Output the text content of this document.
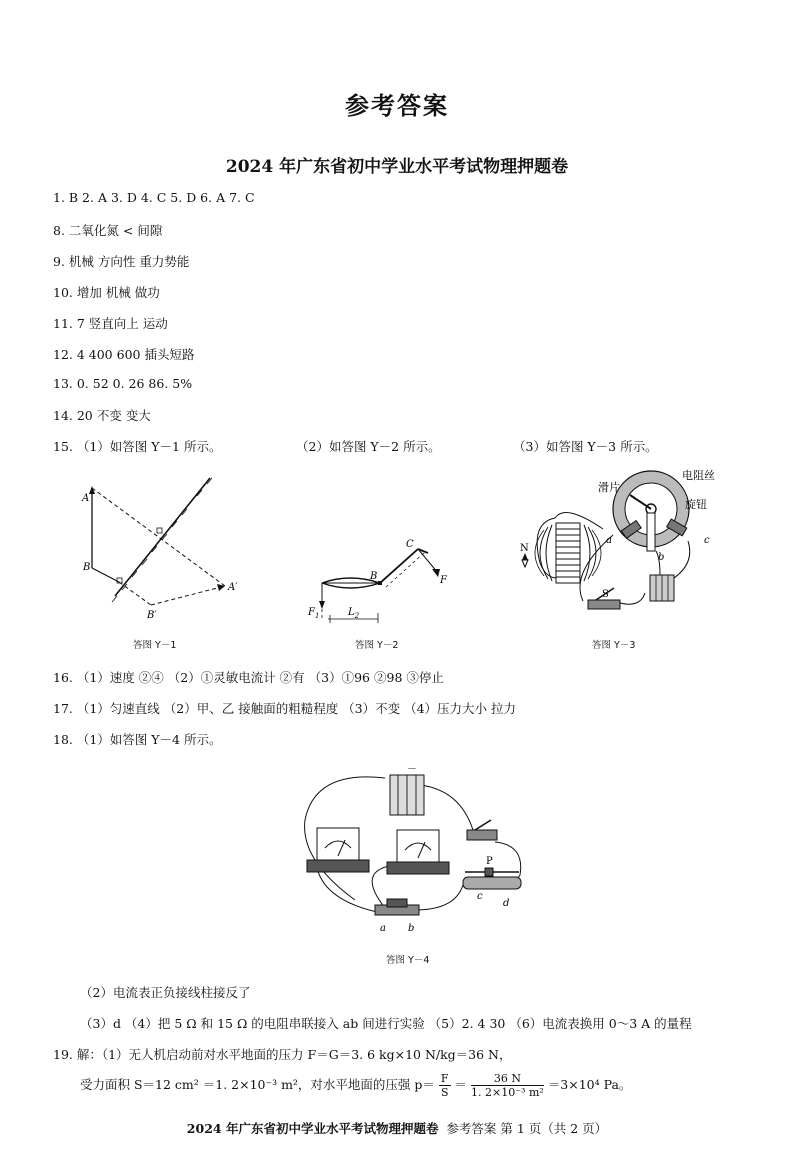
参考答案
2024 年广东省初中学业水平考试物理押题卷
1. B 2. A 3. D 4. C 5. D 6. A 7. C
8. 二氧化氮 < 间隙
9. 机械 方向性 重力势能
10. 增加 机械 做功
11. 7 竖直向上 运动
12. 4 400 600 插头短路
13. 0. 52 0. 26 86. 5%
14. 20 不变 变大
15. （1）如答图 Y－1 所示。	（2）如答图 Y－2 所示。	（3）如答图 Y－3 所示。
A
B
A′
B′
答图 Y－1
C
B	F
$F_1$	$L_2$
答图 Y－2
滑片
电阻丝
旋钮
a
b
c
S
N
答图 Y－3
16. （1）速度 ②④ （2）①灵敏电流计 ②有 （3）①96 ②98 ③停止
17. （1）匀速直线 （2）甲、乙 接触面的粗糙程度 （3）不变 （4）压力大小 拉力
18. （1）如答图 Y－4 所示。
P
a b
c
d
－
答图 Y－4
（2）电流表正负接线柱接反了
（3）d （4）把 5 Ω 和 15 Ω 的电阻串联接入 ab 间进行实验 （5）2. 4 30 （6）电流表换用 0～3 A 的量程
19. 解：（1）无人机启动前对水平地面的压力 F＝G＝3. 6 kg×10 N/kg＝36 N，
受力面积 S＝12 cm² ＝1. 2×10⁻³ m²，对水平地面的压强 $p= \frac{F}{S} = \frac{36 N}{\text{1. 2×10⁻³ m²}} =3\times 10^4$ Pa。
2024 年广东省初中学业水平考试物理押题卷 参考答案 第 1 页（共 2 页）
